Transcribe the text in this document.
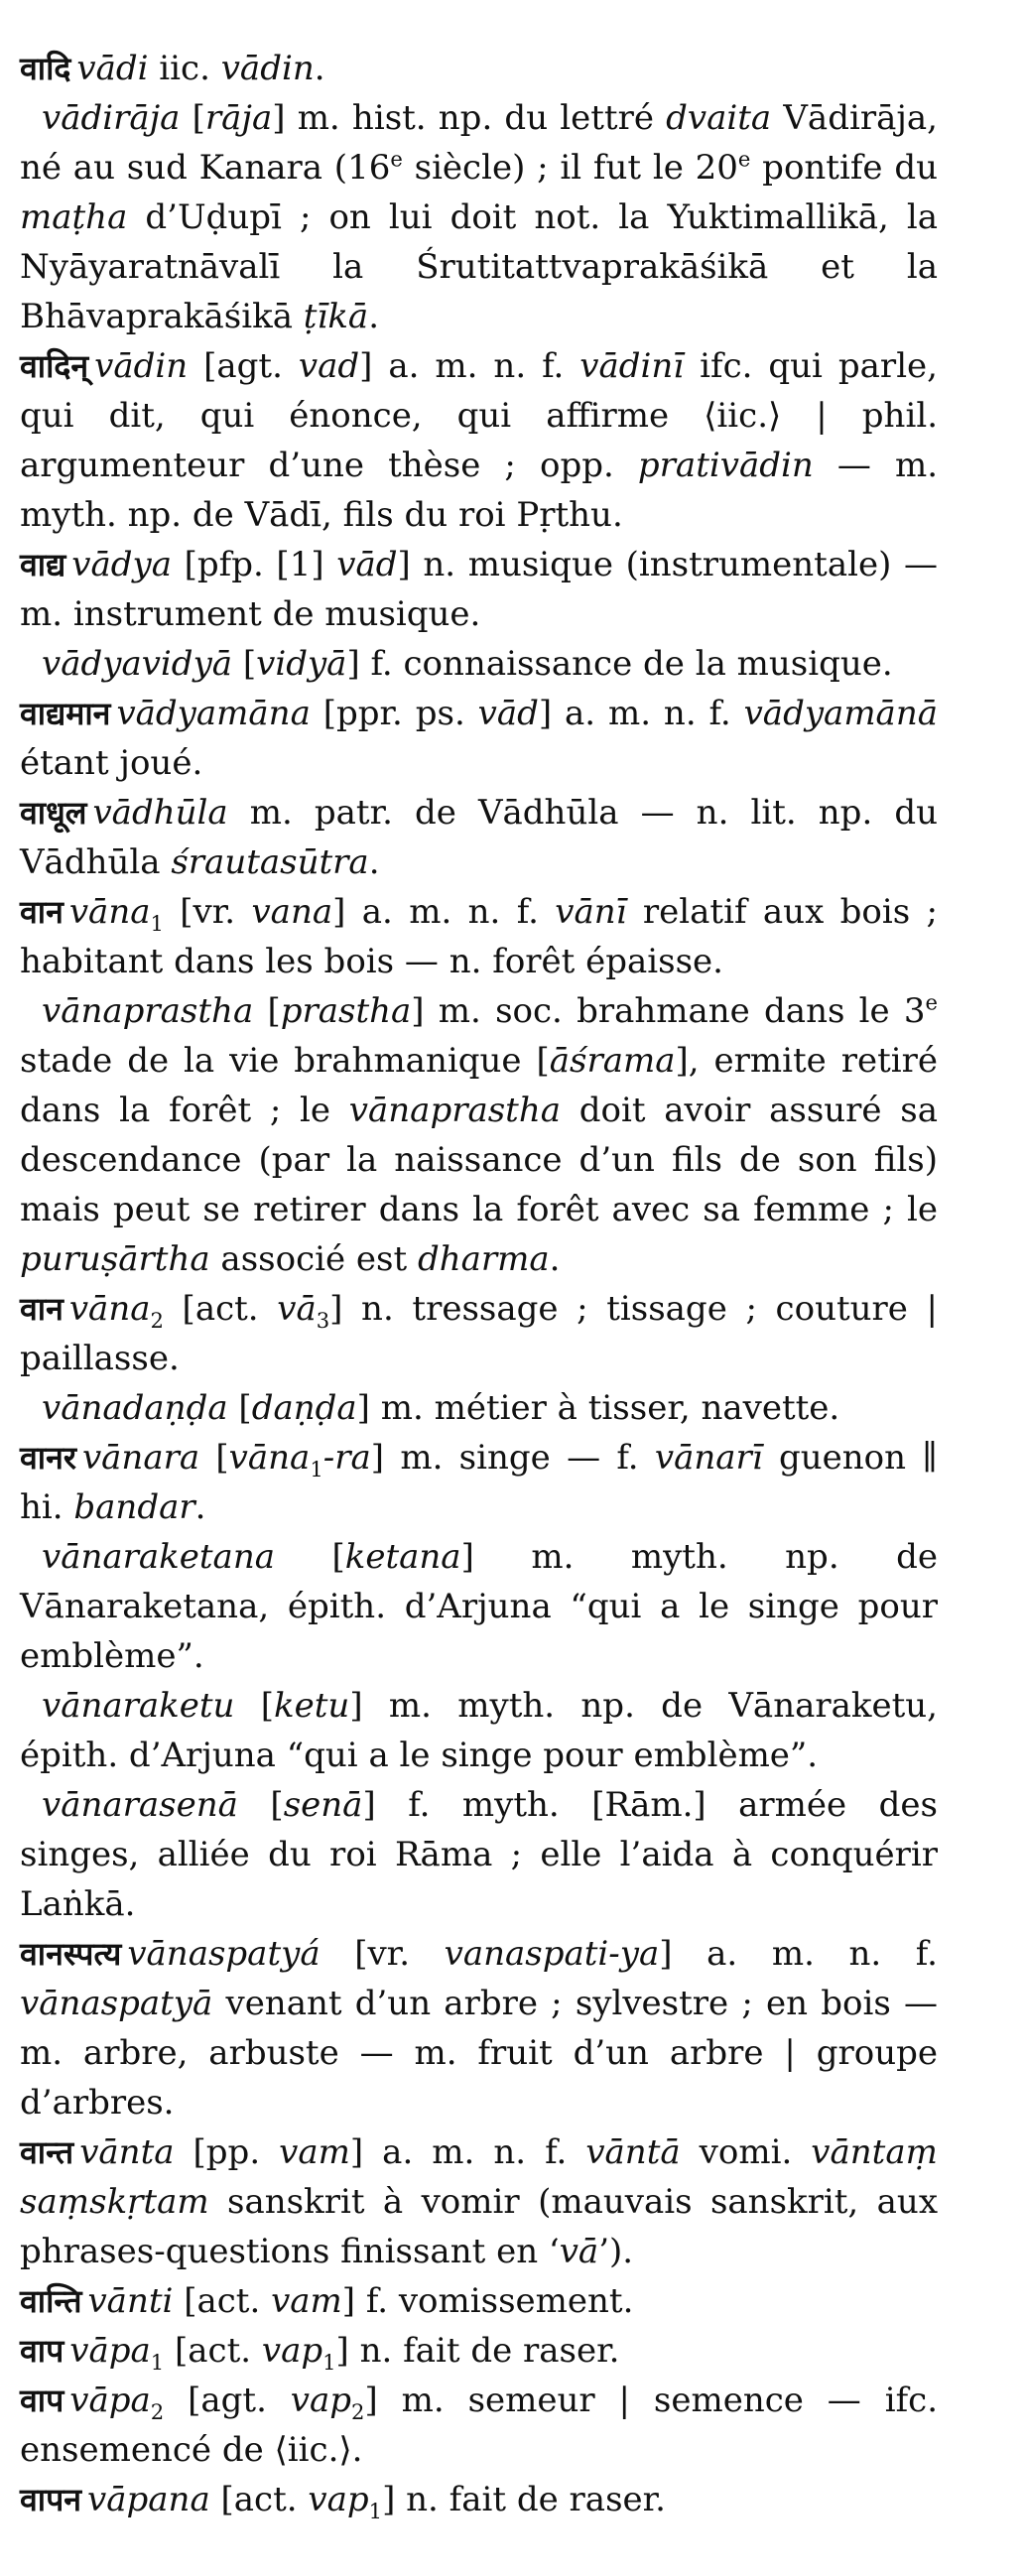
वादि vādi iic. vādin.

vādirāja [rāja] m. hist. np. du lettré dvaita Vādirāja, né au sud Kanara (16e siècle) ; il fut le 20e pontife du maṭha d’Uḍupī ; on lui doit not. la Yuktimallikā, la Nyāyaratnāvalī la Śrutitattvaprakāśikā et la Bhāvaprakāśikā ṭīkā.

वादिन् vādin [agt. vad] a. m. n. f. vādinī ifc. qui parle, qui dit, qui énonce, qui affirme ⟨iic.⟩ | phil. argumenteur d’une thèse ; opp. prativādin — m. myth. np. de Vādī, fils du roi Pṛthu.

वाद्य vādya [pfp. [1] vād] n. musique (instrumentale) — m. instrument de musique.

vādyavidyā [vidyā] f. connaissance de la musique.

वाद्यमान vādyamāna [ppr. ps. vād] a. m. n. f. vādyamānā étant joué.

वाधूल vādhūla m. patr. de Vādhūla — n. lit. np. du Vādhūla śrautasūtra.

वान vāna$_1$ [vr. vana] a. m. n. f. vānī relatif aux bois ; habitant dans les bois — n. forêt épaisse.

vānaprastha [prastha] m. soc. brahmane dans le 3e stade de la vie brahmanique [āśrama], ermite retiré dans la forêt ; le vānaprastha doit avoir assuré sa descendance (par la naissance d’un fils de son fils) mais peut se retirer dans la forêt avec sa femme ; le puruṣārtha associé est dharma.

वान vāna$_2$ [act. $vā_3$] n. tressage ; tissage ; couture | paillasse.

vānadaṇḍa [daṇḍa] m. métier à tisser, navette.

वानर vānara [vāna$_1$-ra] m. singe — f. vānarī guenon ∥ hi. bandar.

vānaraketana [ketana] m. myth. np. de Vānaraketana, épith. d’Arjuna “qui a le singe pour emblème”.

vānaraketu [ketu] m. myth. np. de Vānaraketu, épith. d’Arjuna “qui a le singe pour emblème”.

vānarasenā [senā] f. myth. [Rām.] armée des singes, alliée du roi Rāma ; elle l’aida à conquérir Laṅkā.

वानस्पत्य vānaspatyá [vr. vanaspati-ya] a. m. n. f. vānaspatyā venant d’un arbre ; sylvestre ; en bois — m. arbre, arbuste — m. fruit d’un arbre | groupe d’arbres.

वान्त vānta [pp. vam] a. m. n. f. vāntā vomi. vāntaṃ saṃskṛtam sanskrit à vomir (mauvais sanskrit, aux phrases-questions finissant en ‘vā’).

वान्ति vānti [act. vam] f. vomissement.

वाप vāpa$_1$ [act. vap$_1$] n. fait de raser.

वाप vāpa$_2$ [agt. vap$_2$] m. semeur | semence — ifc. ensemencé de ⟨iic.⟩.

वापन vāpana [act. vap$_1$] n. fait de raser.
